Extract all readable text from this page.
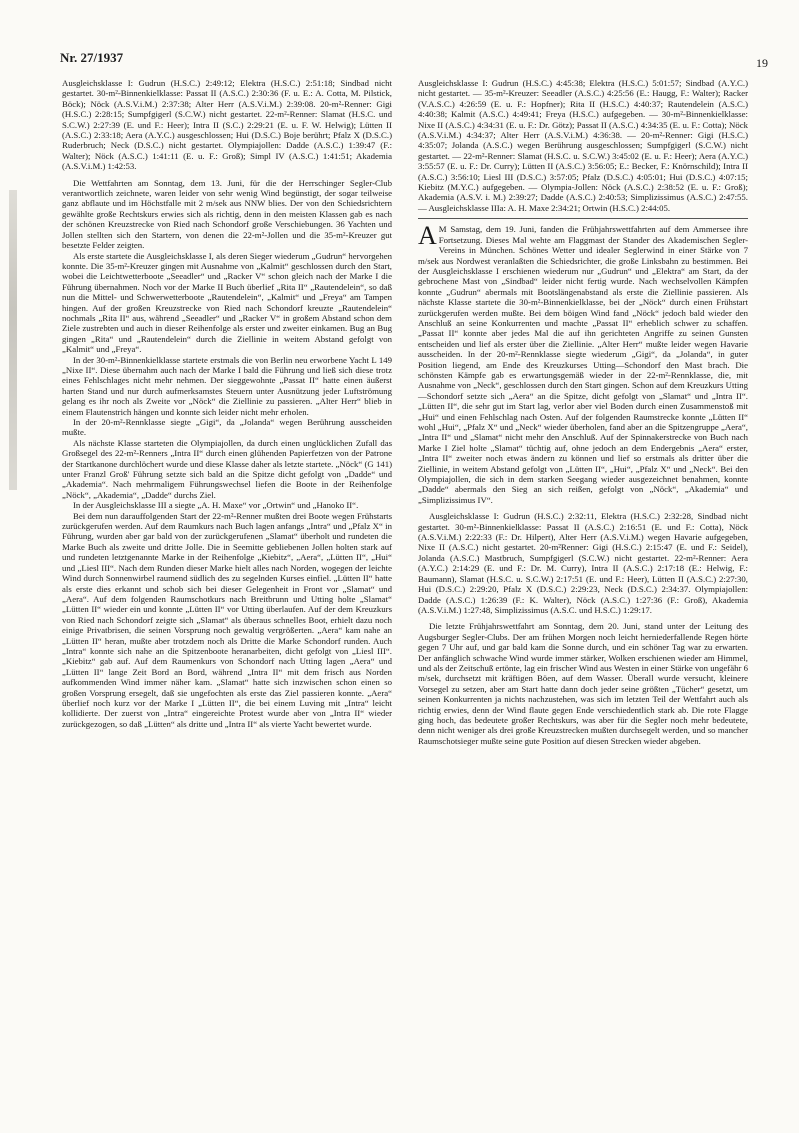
Nr. 27/1937	19

Ausgleichsklasse I: Gudrun (H.S.C.) 2:49:12; Elektra (H.S.C.) 2:51:18; Sindbad nicht gestartet. 30-m²-Binnenkielklasse: Passat II (A.S.C.) 2:30:36 (F. u. E.: A. Cotta, M. Pilstick, Böck); Nöck (A.S.V.i.M.) 2:37:38; Alter Herr (A.S.V.i.M.) 2:39:08. 20-m²-Renner: Gigi (H.S.C.) 2:28:15; Sumpfgigerl (S.C.W.) nicht gestartet. 22-m²-Renner: Slamat (H.S.C. und S.C.W.) 2:27:39 (E. und F.: Heer); Intra II (S.C.) 2:29:21 (E. u. F. W. Helwig); Lütten II (A.S.C.) 2:33:18; Aera (A.Y.C.) ausgeschlossen; Hui (D.S.C.) Boje berührt; Pfalz X (D.S.C.) Ruderbruch; Neck (D.S.C.) nicht gestartet. Olympiajollen: Dadde (A.S.C.) 1:39:47 (F.: Walter); Nöck (A.S.C.) 1:41:11 (E. u. F.: Groß); Simpl IV (A.S.C.) 1:41:51; Akademia (A.S.V.i.M.) 1:42:53.

Die Wettfahrten am Sonntag, dem 13. Juni, für die der Herrschinger Segler-Club verantwortlich zeichnete, waren leider von sehr wenig Wind begünstigt, der sogar teilweise ganz abflaute und im Höchstfalle mit 2 m/sek aus NNW blies. Der von den Schiedsrichtern gewählte große Rechtskurs erwies sich als richtig, denn in den meisten Klassen gab es nach der schönen Kreuzstrecke von Ried nach Schondorf große Verschiebungen. 36 Yachten und Jollen stellten sich den Startern, von denen die 22-m²-Jollen und die 35-m²-Kreuzer gut besetzte Felder zeigten.

Als erste startete die Ausgleichsklasse I, als deren Sieger wiederum „Gudrun“ hervorgehen konnte. Die 35-m²-Kreuzer gingen mit Ausnahme von „Kalmit“ geschlossen durch den Start, wobei die Leichtwetterboote „Seeadler“ und „Racker V“ schon gleich nach der Marke I die Führung übernahmen. Noch vor der Marke II Buch überlief „Rita II“ „Rautendelein“, so daß nun die Mittel- und Schwerwetterboote „Rautendelein“, „Kalmit“ und „Freya“ am Tampen hingen. Auf der großen Kreuzstrecke von Ried nach Schondorf kreuzte „Rautendelein“ nochmals „Rita II“ aus, während „Seeadler“ und „Racker V“ in großem Abstand schon dem Ziele zustrebten und auch in dieser Reihenfolge als erster und zweiter einkamen. Bug an Bug gingen „Rita“ und „Rautendelein“ durch die Ziellinie in weitem Abstand gefolgt von „Kalmit“ und „Freya“.

In der 30-m²-Binnenkielklasse startete erstmals die von Berlin neu erworbene Yacht L 149 „Nixe II“. Diese übernahm auch nach der Marke I bald die Führung und ließ sich diese trotz eines Fehlschlages nicht mehr nehmen. Der sieggewohnte „Passat II“ hatte einen äußerst harten Stand und nur durch aufmerksamstes Steuern unter Ausnützung jeder Luftströmung gelang es ihr noch als Zweite vor „Nöck“ die Ziellinie zu passieren. „Alter Herr“ blieb in einem Flautenstrich hängen und konnte sich leider nicht mehr erholen.

In der 20-m²-Rennklasse siegte „Gigi“, da „Jolanda“ wegen Berührung ausscheiden mußte.

Als nächste Klasse starteten die Olympiajollen, da durch einen unglücklichen Zufall das Großsegel des 22-m²-Renners „Intra II“ durch einen glühenden Papierfetzen von der Patrone der Startkanone durchlöchert wurde und diese Klasse daher als letzte startete. „Nöck“ (G 141) unter Franzl Groß' Führung setzte sich bald an die Spitze dicht gefolgt von „Dadde“ und „Akademia“. Nach mehrmaligem Führungswechsel liefen die Boote in der Reihenfolge „Nöck“, „Akademia“, „Dadde“ durchs Ziel.

In der Ausgleichsklasse III a siegte „A. H. Maxe“ vor „Ortwin“ und „Hanoko II“.

Bei dem nun darauffolgenden Start der 22-m²-Renner mußten drei Boote wegen Frühstarts zurückgerufen werden. Auf dem Raumkurs nach Buch lagen anfangs „Intra“ und „Pfalz X“ in Führung, wurden aber gar bald von der zurückgerufenen „Slamat“ überholt und rundeten die Marke Buch als zweite und dritte Jolle. Die in Seemitte gebliebenen Jollen holten stark auf und rundeten letztgenannte Marke in der Reihenfolge „Kiebitz“, „Aera“, „Lütten II“, „Hui“ und „Liesl III“. Nach dem Runden dieser Marke hielt alles nach Norden, wogegen der leichte Wind durch Sonnenwirbel raumend südlich des zu segelnden Kurses einfiel. „Lütten II“ hatte als erste dies erkannt und schob sich bei dieser Gelegenheit in Front vor „Slamat“ und „Aera“. Auf dem folgenden Raumschotkurs nach Breitbrunn und Utting holte „Slamat“ „Lütten II“ wieder ein und konnte „Lütten II“ vor Utting überlaufen. Auf der dem Kreuzkurs von Ried nach Schondorf zeigte sich „Slamat“ als überaus schnelles Boot, erhielt dazu noch einige Privatbrisen, die seinen Vorsprung noch gewaltig vergrößerten. „Aera“ kam nahe an „Lütten II“ heran, mußte aber trotzdem noch als Dritte die Marke Schondorf runden. Auch „Intra“ konnte sich nahe an die Spitzenboote heranarbeiten, dicht gefolgt von „Liesl III“. „Kiebitz“ gab auf. Auf dem Raumenkurs von Schondorf nach Utting lagen „Aera“ und „Lütten II“ lange Zeit Bord an Bord, während „Intra II“ mit dem frisch aus Norden aufkommenden Wind immer näher kam. „Slamat“ hatte sich inzwischen schon einen so großen Vorsprung ersegelt, daß sie ungefochten als erste das Ziel passieren konnte. „Aera“ überlief noch kurz vor der Marke I „Lütten II“, die bei einem Luving mit „Intra“ leicht kollidierte. Der zuerst von „Intra“ eingereichte Protest wurde aber von „Intra II“ wieder zurückgezogen, so daß „Lütten“ als dritte und „Intra II“ als vierte Yacht bewertet wurde.

Ausgleichsklasse I: Gudrun (H.S.C.) 4:45:38; Elektra (H.S.C.) 5:01:57; Sindbad (A.Y.C.) nicht gestartet. — 35-m²-Kreuzer: Seeadler (A.S.C.) 4:25:56 (E.: Haugg, F.: Walter); Racker (V.A.S.C.) 4:26:59 (E. u. F.: Hopfner); Rita II (H.S.C.) 4:40:37; Rautendelein (A.S.C.) 4:40:38; Kalmit (A.S.C.) 4:49:41; Freya (H.S.C.) aufgegeben. — 30-m²-Binnenkielklasse: Nixe II (A.S.C.) 4:34:31 (E. u. F.: Dr. Götz); Passat II (A.S.C.) 4:34:35 (E. u. F.: Cotta); Nöck (A.S.V.i.M.) 4:34:37; Alter Herr (A.S.V.i.M.) 4:36:38. — 20-m²-Renner: Gigi (H.S.C.) 4:35:07; Jolanda (A.S.C.) wegen Berührung ausgeschlossen; Sumpfgigerl (S.C.W.) nicht gestartet. — 22-m²-Renner: Slamat (H.S.C. u. S.C.W.) 3:45:02 (E. u. F.: Heer); Aera (A.Y.C.) 3:55:57 (E. u. F.: Dr. Curry); Lütten II (A.S.C.) 3:56:05; E.: Becker, F.: Knörnschild); Intra II (A.S.C.) 3:56:10; Liesl III (D.S.C.) 3:57:05; Pfalz (D.S.C.) 4:05:01; Hui (D.S.C.) 4:07:15; Kiebitz (M.Y.C.) aufgegeben. — Olympia-Jollen: Nöck (A.S.C.) 2:38:52 (E. u. F.: Groß); Akademia (A.S.V. i. M.) 2:39:27; Dadde (A.S.C.) 2:40:53; Simplizissimus (A.S.C.) 2:47:55. — Ausgleichsklasse IIIa: A. H. Maxe 2:34:21; Ortwin (H.S.C.) 2:44:05.

A M Samstag, dem 19. Juni, fanden die Frühjahrswettfahrten auf dem Ammersee ihre Fortsetzung. Dieses Mal wehte am Flaggmast der Stander des Akademischen Segler-Vereins in München. Schönes Wetter und idealer Seglerwind in einer Stärke von 7 m/sek aus Nordwest veranlaßten die Schiedsrichter, die große Linksbahn zu bestimmen. Bei der Ausgleichsklasse I erschienen wiederum nur „Gudrun“ und „Elektra“ am Start, da der gebrochene Mast von „Sindbad“ leider nicht fertig wurde. Nach wechselvollen Kämpfen konnte „Gudrun“ abermals mit Bootslängenabstand als erste die Ziellinie passieren. Als nächste Klasse startete die 30-m²-Binnenkielklasse, bei der „Nöck“ durch einen Frühstart zurückgerufen werden mußte. Bei dem böigen Wind fand „Nöck“ jedoch bald wieder den Anschluß an seine Konkurrenten und machte „Passat II“ erheblich schwer zu schaffen. „Passat II“ konnte aber jedes Mal die auf ihn gerichteten Angriffe zu seinen Gunsten entscheiden und lief als erster über die Ziellinie. „Alter Herr“ mußte leider wegen Havarie ausscheiden. In der 20-m²-Rennklasse siegte wiederum „Gigi“, da „Jolanda“, in guter Position liegend, am Ende des Kreuzkurses Utting—Schondorf den Mast brach. Die schönsten Kämpfe gab es erwartungsgemäß wieder in der 22-m²-Rennklasse, die, mit Ausnahme von „Neck“, geschlossen durch den Start gingen. Schon auf dem Kreuzkurs Utting—Schondorf setzte sich „Aera“ an die Spitze, dicht gefolgt von „Slamat“ und „Intra II“. „Lütten II“, die sehr gut im Start lag, verlor aber viel Boden durch einen Zusammenstoß mit „Hui“ und einen Fehlschlag nach Osten. Auf der folgenden Raumstrecke konnte „Lütten II“ wohl „Hui“, „Pfalz X“ und „Neck“ wieder überholen, fand aber an die Spitzengruppe „Aera“, „Intra II“ und „Slamat“ nicht mehr den Anschluß. Auf der Spinnakerstrecke von Buch nach Marke I Ziel holte „Slamat“ tüchtig auf, ohne jedoch an dem Endergebnis „Aera“ erster, „Intra II“ zweiter noch etwas ändern zu können und lief so erstmals als dritter über die Ziellinie, in weitem Abstand gefolgt von „Lütten II“, „Hui“, „Pfalz X“ und „Neck“. Bei den Olympiajollen, die sich in dem starken Seegang wieder ausgezeichnet benahmen, konnte „Dadde“ abermals den Sieg an sich reißen, gefolgt von „Nöck“, „Akademia“ und „Simplizissimus IV“.

Ausgleichsklasse I: Gudrun (H.S.C.) 2:32:11, Elektra (H.S.C.) 2:32:28, Sindbad nicht gestartet. 30-m²-Binnenkielklasse: Passat II (A.S.C.) 2:16:51 (E. und F.: Cotta), Nöck (A.S.V.i.M.) 2:22:33 (F.: Dr. Hilpert), Alter Herr (A.S.V.i.M.) wegen Havarie aufgegeben, Nixe II (A.S.C.) nicht gestartet. 20-m²Renner: Gigi (H.S.C.) 2:15:47 (E. und F.: Seidel), Jolanda (A.S.C.) Mastbruch, Sumpfgigerl (S.C.W.) nicht gestartet. 22-m²-Renner: Aera (A.Y.C.) 2:14:29 (E. und F.: Dr. M. Curry), Intra II (A.S.C.) 2:17:18 (E.: Helwig, F.: Baumann), Slamat (H.S.C. u. S.C.W.) 2:17:51 (E. und F.: Heer), Lütten II (A.S.C.) 2:27:30, Hui (D.S.C.) 2:29:20, Pfalz X (D.S.C.) 2:29:23, Neck (D.S.C.) 2:34:37. Olympiajollen: Dadde (A.S.C.) 1:26:39 (F.: K. Walter), Nöck (A.S.C.) 1:27:36 (F.: Groß), Akademia (A.S.V.i.M.) 1:27:48, Simplizissimus (A.S.C. und H.S.C.) 1:29:17.

Die letzte Frühjahrswettfahrt am Sonntag, dem 20. Juni, stand unter der Leitung des Augsburger Segler-Clubs. Der am frühen Morgen noch leicht herniederfallende Regen hörte gegen 7 Uhr auf, und gar bald kam die Sonne durch, und ein schöner Tag war zu erwarten. Der anfänglich schwache Wind wurde immer stärker, Wolken erschienen wieder am Himmel, und als der Zeitschuß ertönte, lag ein frischer Wind aus Westen in einer Stärke von ungefähr 6 m/sek, durchsetzt mit kräftigen Böen, auf dem Wasser. Überall wurde versucht, kleinere Vorsegel zu setzen, aber am Start hatte dann doch jeder seine größten „Tücher“ gesetzt, um seinen Konkurrenten ja nichts nachzustehen, was sich im letzten Teil der Wettfahrt auch als richtig erwies, denn der Wind flaute gegen Ende verschiedentlich stark ab. Die rote Flagge ging hoch, das bedeutete großer Rechtskurs, was aber für die Segler noch mehr bedeutete, denn nicht weniger als drei große Kreuzstrecken mußten durchsegelt werden, und so mancher Raumschotsieger mußte seine gute Position auf diesen Strecken wieder abgeben.
